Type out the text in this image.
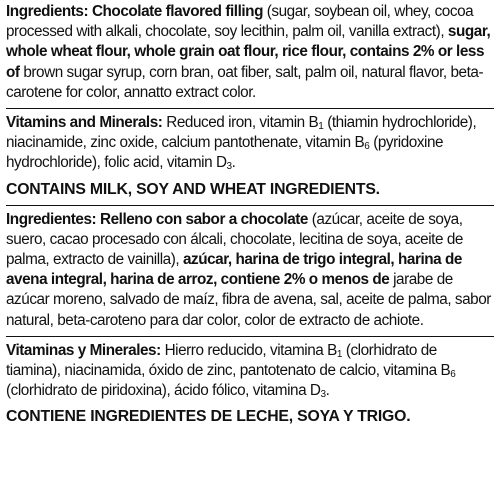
Ingredients: Chocolate flavored filling (sugar, soybean oil, whey, cocoa processed with alkali, chocolate, soy lecithin, palm oil, vanilla extract), sugar, whole wheat flour, whole grain oat flour, rice flour, contains 2% or less of brown sugar syrup, corn bran, oat fiber, salt, palm oil, natural flavor, beta-carotene for color, annatto extract color.

Vitamins and Minerals: Reduced iron, vitamin $B_1$ (thiamin hydrochloride), niacinamide, zinc oxide, calcium pantothenate, vitamin $B_6$ (pyridoxine hydrochloride), folic acid, vitamin $D_3$.

CONTAINS MILK, SOY AND WHEAT INGREDIENTS.

Ingredientes: Relleno con sabor a chocolate (azúcar, aceite de soya, suero, cacao procesado con álcali, chocolate, lecitina de soya, aceite de palma, extracto de vainilla), azúcar, harina de trigo integral, harina de avena integral, harina de arroz, contiene 2% o menos de jarabe de azúcar moreno, salvado de maíz, fibra de avena, sal, aceite de palma, sabor natural, beta-caroteno para dar color, color de extracto de achiote.

Vitaminas y Minerales: Hierro reducido, vitamina $B_1$ (clorhidrato de tiamina), niacinamida, óxido de zinc, pantotenato de calcio, vitamina $B_6$ (clorhidrato de piridoxina), ácido fólico, vitamina $D_3$.

CONTIENE INGREDIENTES DE LECHE, SOYA Y TRIGO.
